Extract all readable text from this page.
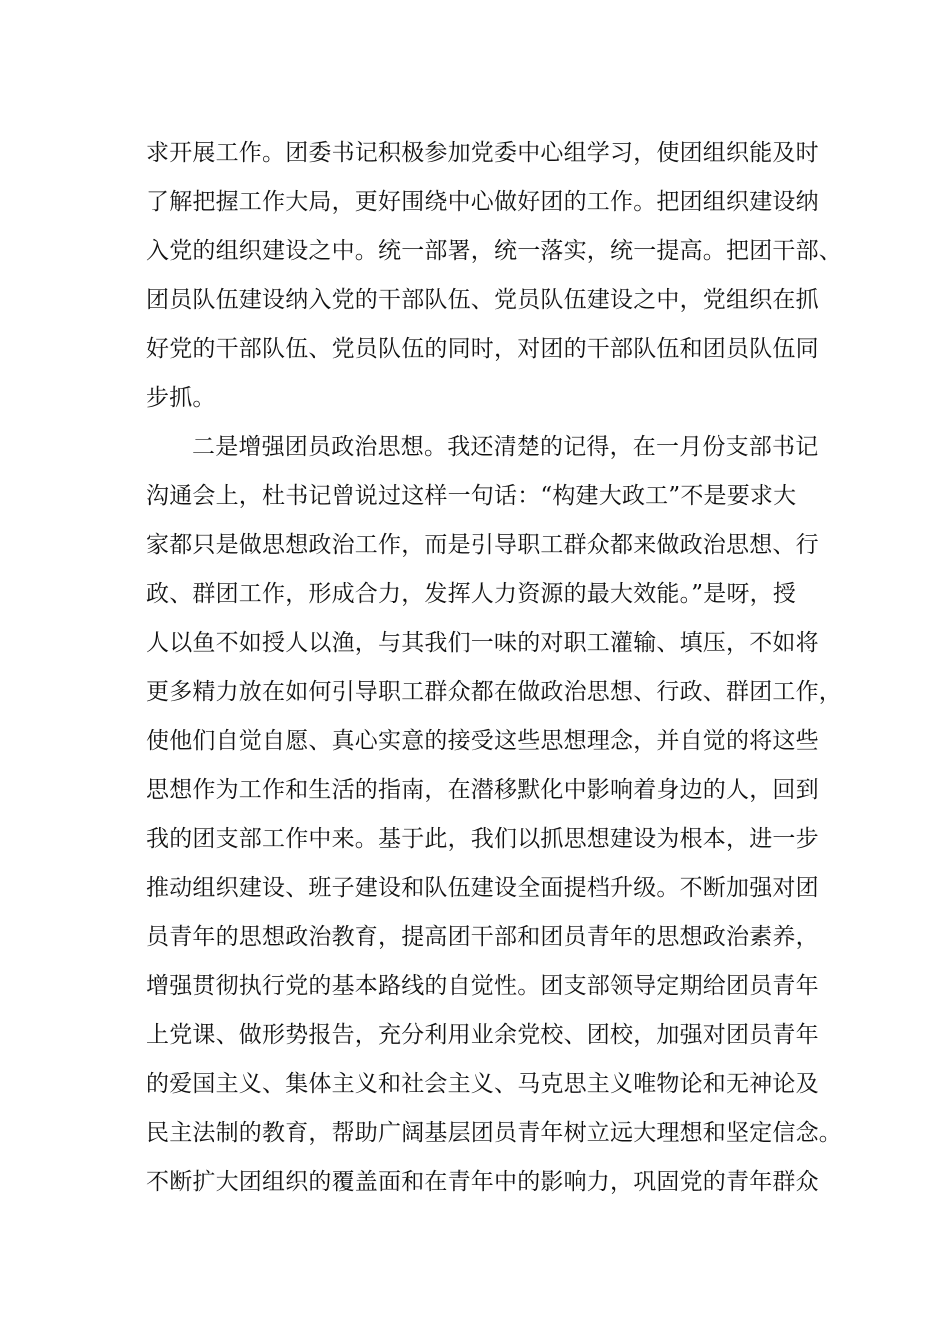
求开展工作。团委书记积极参加党委中心组学习，使团组织能及时
了解把握工作大局，更好围绕中心做好团的工作。把团组织建设纳
入党的组织建设之中。统一部署，统一落实，统一提高。把团干部、
团员队伍建设纳入党的干部队伍、党员队伍建设之中，党组织在抓
好党的干部队伍、党员队伍的同时，对团的干部队伍和团员队伍同
步抓。
二是增强团员政治思想。我还清楚的记得，在一月份支部书记
沟通会上，杜书记曾说过这样一句话：“构建大政工”不是要求大
家都只是做思想政治工作，而是引导职工群众都来做政治思想、行
政、群团工作，形成合力，发挥人力资源的最大效能。”是呀，授
人以鱼不如授人以渔，与其我们一味的对职工灌输、填压，不如将
更多精力放在如何引导职工群众都在做政治思想、行政、群团工作，
使他们自觉自愿、真心实意的接受这些思想理念，并自觉的将这些
思想作为工作和生活的指南，在潜移默化中影响着身边的人，回到
我的团支部工作中来。基于此，我们以抓思想建设为根本，进一步
推动组织建设、班子建设和队伍建设全面提档升级。不断加强对团
员青年的思想政治教育，提高团干部和团员青年的思想政治素养，
增强贯彻执行党的基本路线的自觉性。团支部领导定期给团员青年
上党课、做形势报告，充分利用业余党校、团校，加强对团员青年
的爱国主义、集体主义和社会主义、马克思主义唯物论和无神论及
民主法制的教育，帮助广阔基层团员青年树立远大理想和坚定信念。
不断扩大团组织的覆盖面和在青年中的影响力，巩固党的青年群众
